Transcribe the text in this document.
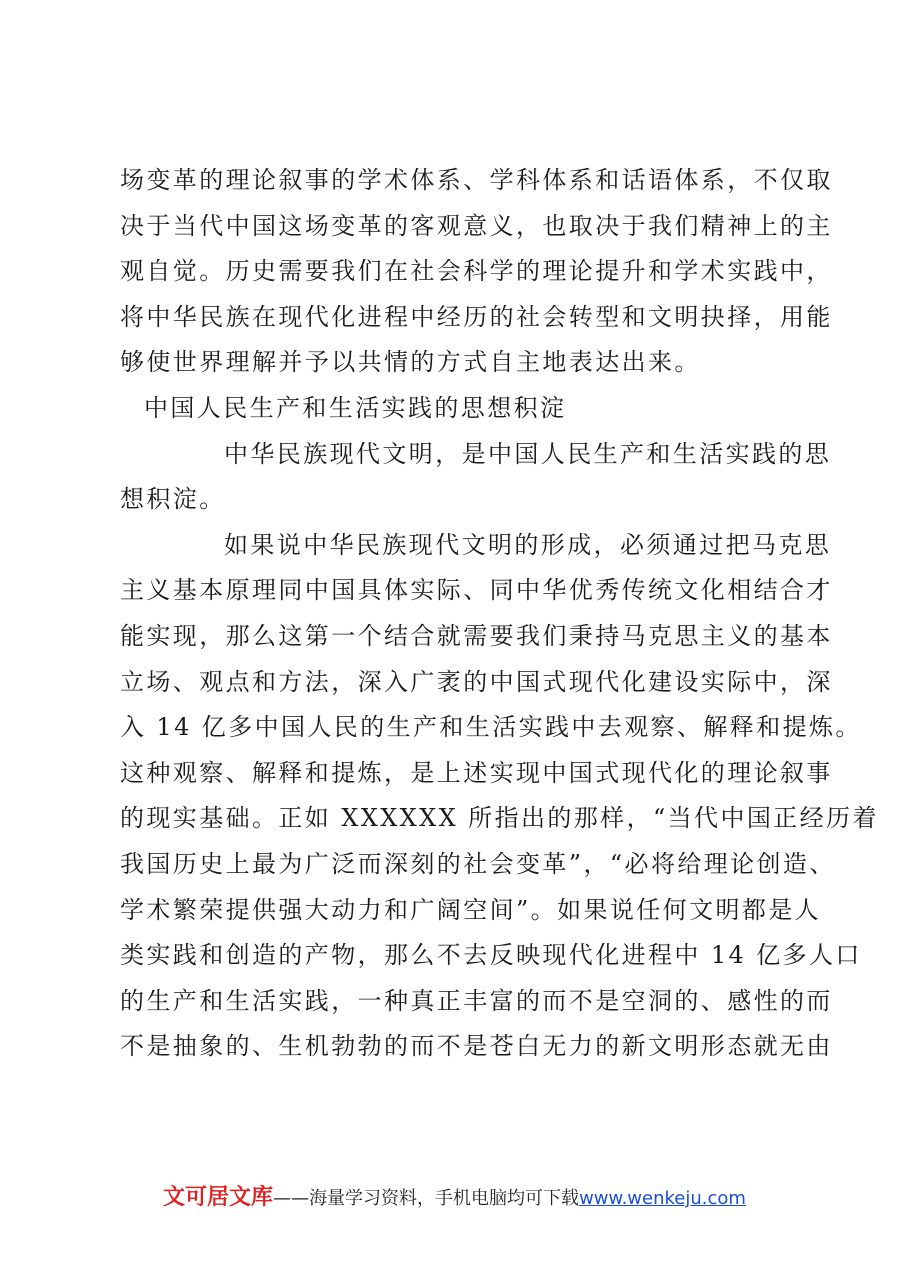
场变革的理论叙事的学术体系、学科体系和话语体系，不仅取
决于当代中国这场变革的客观意义，也取决于我们精神上的主
观自觉。历史需要我们在社会科学的理论提升和学术实践中，
将中华民族在现代化进程中经历的社会转型和文明抉择，用能
够使世界理解并予以共情的方式自主地表达出来。
中国人民生产和生活实践的思想积淀
中华民族现代文明，是中国人民生产和生活实践的思
想积淀。
如果说中华民族现代文明的形成，必须通过把马克思
主义基本原理同中国具体实际、同中华优秀传统文化相结合才
能实现，那么这第一个结合就需要我们秉持马克思主义的基本
立场、观点和方法，深入广袤的中国式现代化建设实际中，深
入 14 亿多中国人民的生产和生活实践中去观察、解释和提炼。
这种观察、解释和提炼，是上述实现中国式现代化的理论叙事
的现实基础。正如 XXXXXX 所指出的那样，“当代中国正经历着
我国历史上最为广泛而深刻的社会变革”，“必将给理论创造、
学术繁荣提供强大动力和广阔空间”。如果说任何文明都是人
类实践和创造的产物，那么不去反映现代化进程中 14 亿多人口
的生产和生活实践，一种真正丰富的而不是空洞的、感性的而
不是抽象的、生机勃勃的而不是苍白无力的新文明形态就无由
文可居文库——海量学习资料，手机电脑均可下载www.wenkeju.com
